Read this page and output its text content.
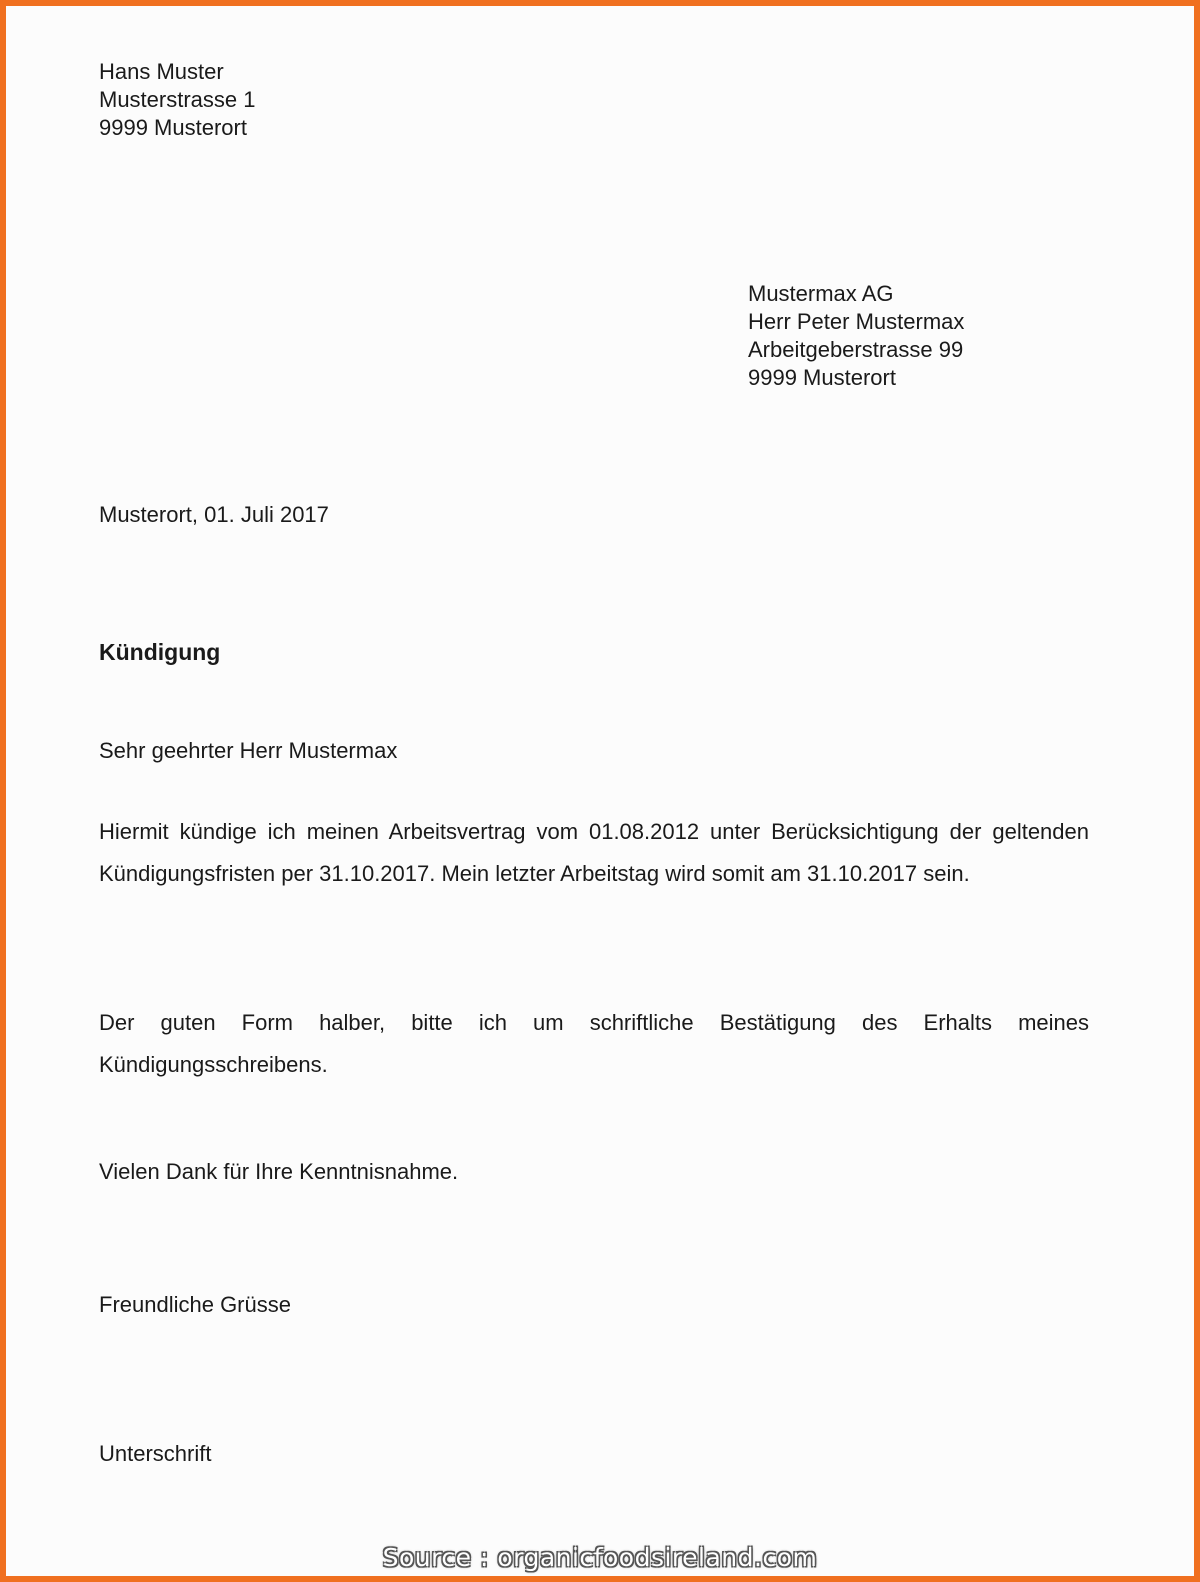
Hans Muster
Musterstrasse 1
9999 Musterort
Mustermax AG
Herr Peter Mustermax
Arbeitgeberstrasse 99
9999 Musterort
Musterort, 01. Juli 2017
Kündigung
Sehr geehrter Herr Mustermax

Hiermit kündige ich meinen Arbeitsvertrag vom 01.08.2012 unter Berücksichtigung der geltenden Kündigungsfristen per 31.10.2017. Mein letzter Arbeitstag wird somit am 31.10.2017 sein.

Der guten Form halber, bitte ich um schriftliche Bestätigung des Erhalts meines Kündigungsschreibens.

Vielen Dank für Ihre Kenntnisnahme.
Freundliche Grüsse
Unterschrift
Source : organicfoodsireland.com
